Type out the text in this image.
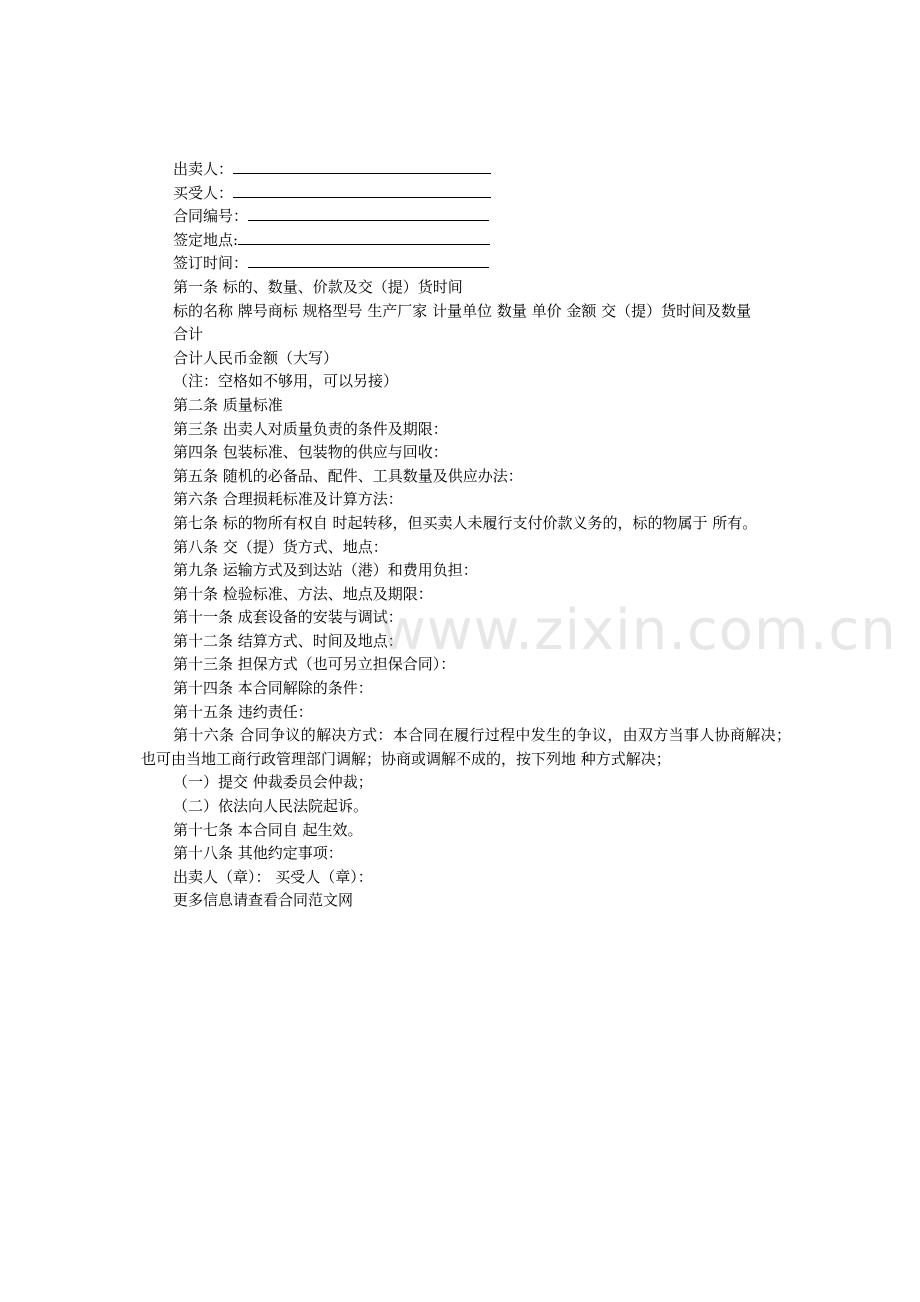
出卖人：
买受人：
合同编号：
签定地点:
签订时间：
第一条 标的、数量、价款及交（提）货时间
标的名称 牌号商标 规格型号 生产厂家 计量单位 数量 单价 金额 交（提）货时间及数量
合计
合计人民币金额（大写）
（注：空格如不够用，可以另接）
第二条 质量标准
第三条 出卖人对质量负责的条件及期限：
第四条 包装标准、包装物的供应与回收：
第五条 随机的必备品、配件、工具数量及供应办法：
第六条 合理损耗标准及计算方法：
第七条 标的物所有权自 时起转移，但买卖人未履行支付价款义务的，标的物属于 所有。
第八条 交（提）货方式、地点：
第九条 运输方式及到达站（港）和费用负担：
第十条 检验标准、方法、地点及期限：
第十一条 成套设备的安装与调试：
第十二条 结算方式、时间及地点：
第十三条 担保方式（也可另立担保合同）：
第十四条 本合同解除的条件：
第十五条 违约责任：
第十六条 合同争议的解决方式：本合同在履行过程中发生的争议，由双方当事人协商解决；也可由当地工商行政管理部门调解；协商或调解不成的，按下列地 种方式解决；
（一）提交 仲裁委员会仲裁；
（二）依法向人民法院起诉。
第十七条 本合同自 起生效。
第十八条 其他约定事项：
出卖人（章）： 买受人（章）：
更多信息请查看合同范文网
www.zixin.com.cn
